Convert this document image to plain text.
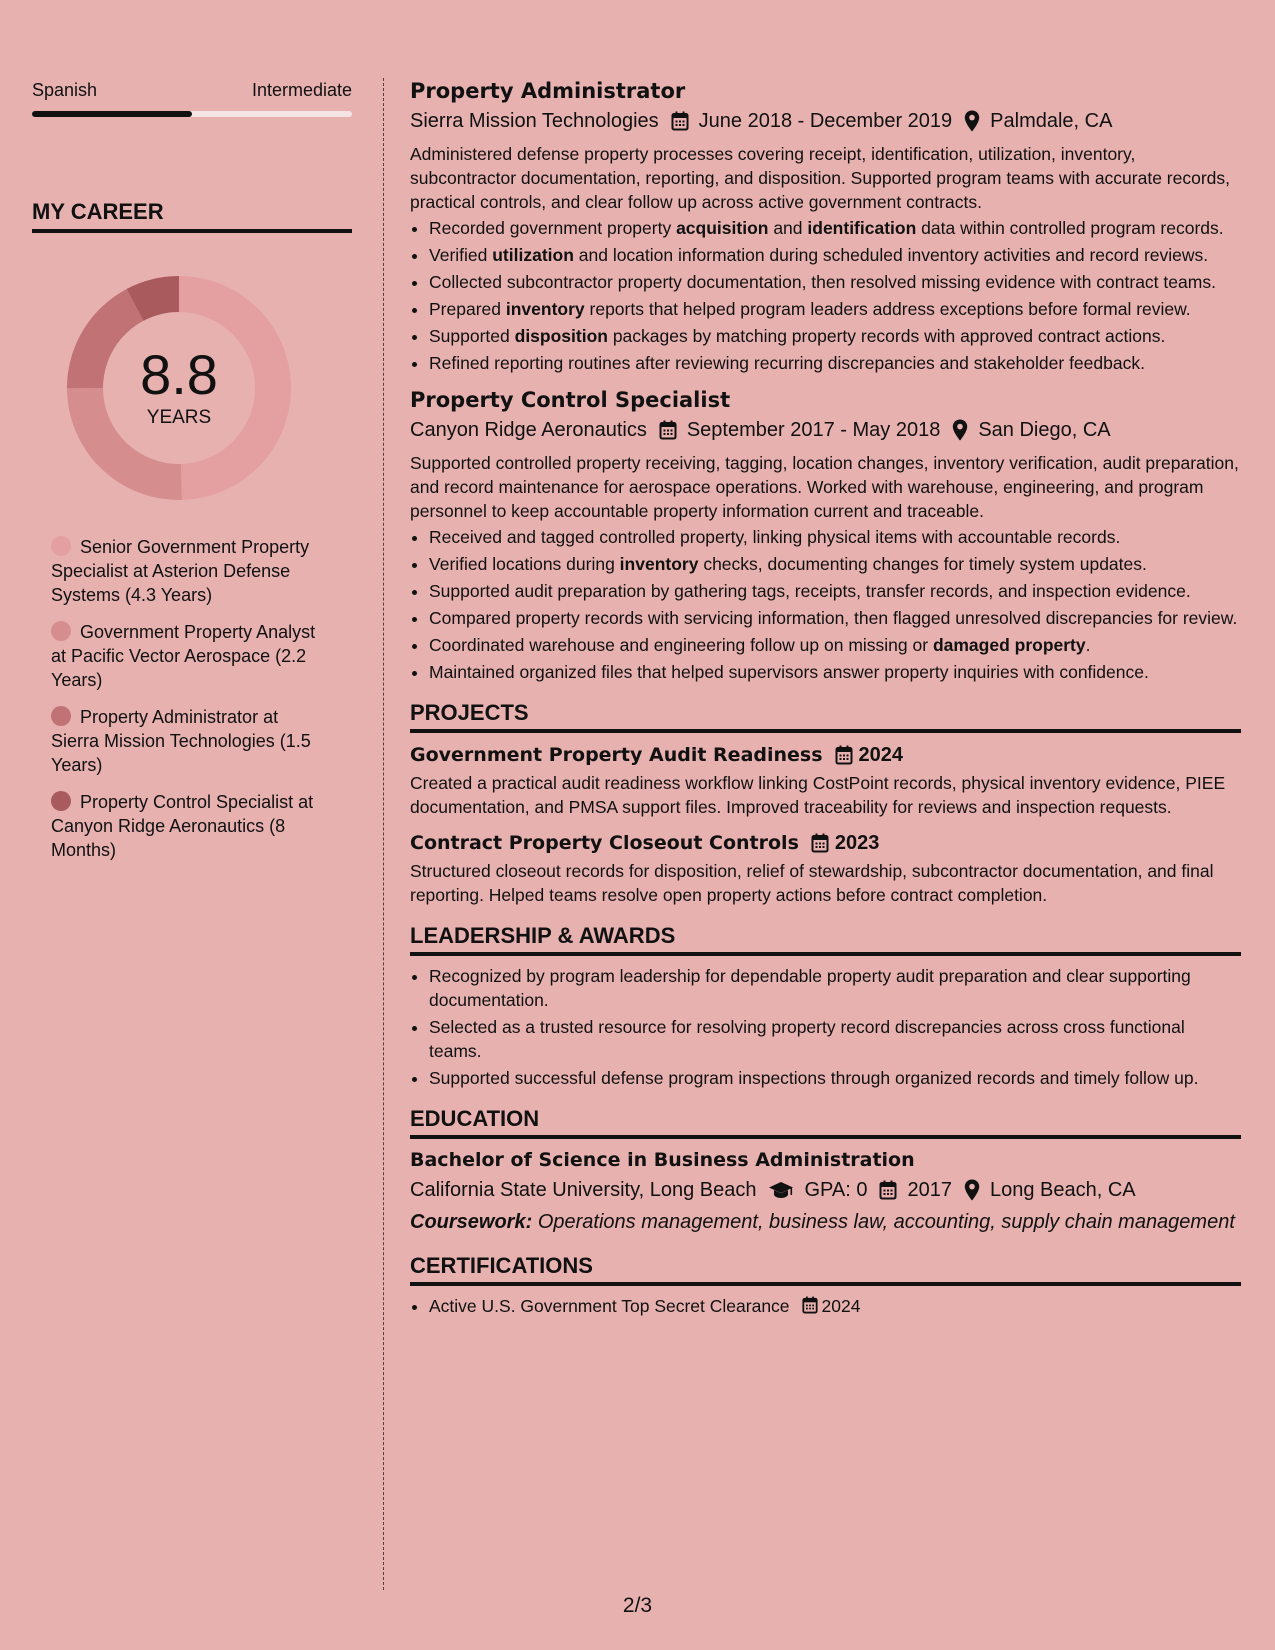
Spanish	Intermediate
MY CAREER
8.8
YEARS
Senior Government Property Specialist at Asterion Defense Systems (4.3 Years)
Government Property Analyst at Pacific Vector Aerospace (2.2 Years)
Property Administrator at Sierra Mission Technologies (1.5 Years)
Property Control Specialist at Canyon Ridge Aeronautics (8 Months)
Property Administrator
Sierra Mission Technologies June 2018 - December 2019 Palmdale, CA

Administered defense property processes covering receipt, identification, utilization, inventory, subcontractor documentation, reporting, and disposition. Supported program teams with accurate records, practical controls, and clear follow up across active government contracts.

• Recorded government property acquisition and identification data within controlled program records.
• Verified utilization and location information during scheduled inventory activities and record reviews.
• Collected subcontractor property documentation, then resolved missing evidence with contract teams.
• Prepared inventory reports that helped program leaders address exceptions before formal review.
• Supported disposition packages by matching property records with approved contract actions.
• Refined reporting routines after reviewing recurring discrepancies and stakeholder feedback.
Property Control Specialist
Canyon Ridge Aeronautics September 2017 - May 2018 San Diego, CA

Supported controlled property receiving, tagging, location changes, inventory verification, audit preparation, and record maintenance for aerospace operations. Worked with warehouse, engineering, and program personnel to keep accountable property information current and traceable.

• Received and tagged controlled property, linking physical items with accountable records.
• Verified locations during inventory checks, documenting changes for timely system updates.
• Supported audit preparation by gathering tags, receipts, transfer records, and inspection evidence.
• Compared property records with servicing information, then flagged unresolved discrepancies for review.
• Coordinated warehouse and engineering follow up on missing or damaged property.
• Maintained organized files that helped supervisors answer property inquiries with confidence.
PROJECTS
Government Property Audit Readiness 2024

Created a practical audit readiness workflow linking CostPoint records, physical inventory evidence, PIEE documentation, and PMSA support files. Improved traceability for reviews and inspection requests.

Contract Property Closeout Controls 2023

Structured closeout records for disposition, relief of stewardship, subcontractor documentation, and final reporting. Helped teams resolve open property actions before contract completion.

LEADERSHIP & AWARDS
• Recognized by program leadership for dependable property audit preparation and clear supporting documentation.
• Selected as a trusted resource for resolving property record discrepancies across cross functional teams.
• Supported successful defense program inspections through organized records and timely follow up.
EDUCATION
Bachelor of Science in Business Administration
California State University, Long Beach GPA: 0 2017 Long Beach, CA
Coursework: Operations management, business law, accounting, supply chain management
CERTIFICATIONS
• Active U.S. Government Top Secret Clearance 2024
2/3
